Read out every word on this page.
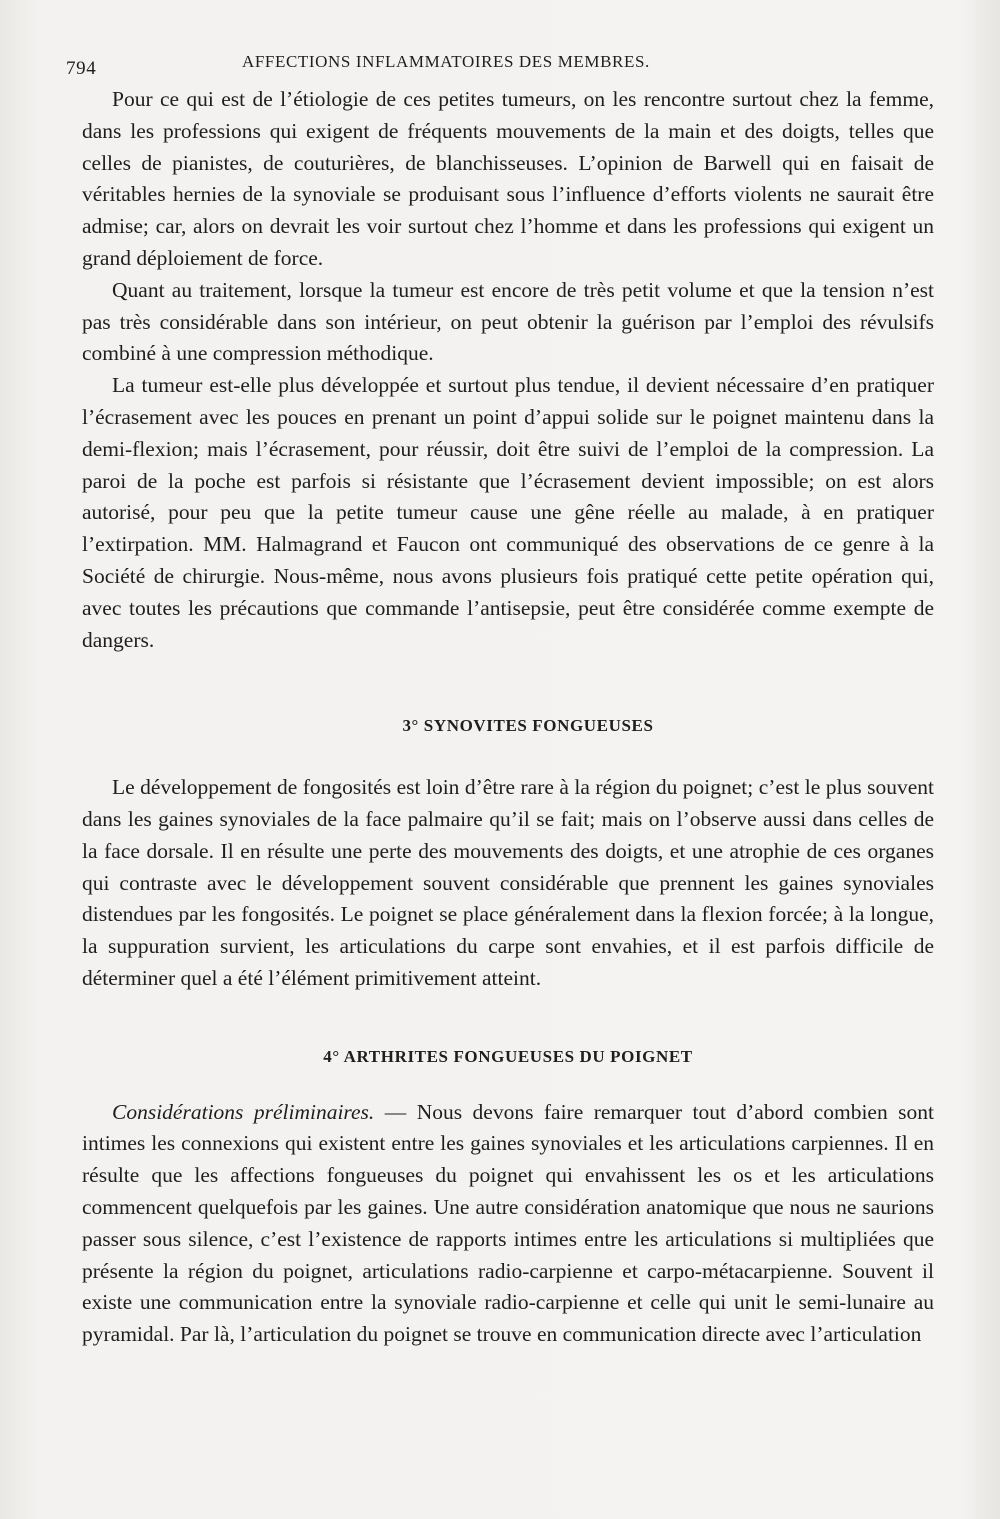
794	AFFECTIONS INFLAMMATOIRES DES MEMBRES.

Pour ce qui est de l’étiologie de ces petites tumeurs, on les rencontre surtout chez la femme, dans les professions qui exigent de fréquents mouvements de la main et des doigts, telles que celles de pianistes, de couturières, de blanchisseuses. L’opinion de Barwell qui en faisait de véritables hernies de la synoviale se produisant sous l’influence d’efforts violents ne saurait être admise; car, alors on devrait les voir surtout chez l’homme et dans les professions qui exigent un grand déploiement de force.

Quant au traitement, lorsque la tumeur est encore de très petit volume et que la tension n’est pas très considérable dans son intérieur, on peut obtenir la guérison par l’emploi des révulsifs combiné à une compression méthodique.

La tumeur est-elle plus développée et surtout plus tendue, il devient nécessaire d’en pratiquer l’écrasement avec les pouces en prenant un point d’appui solide sur le poignet maintenu dans la demi-flexion; mais l’écrasement, pour réussir, doit être suivi de l’emploi de la compression. La paroi de la poche est parfois si résistante que l’écrasement devient impossible; on est alors autorisé, pour peu que la petite tumeur cause une gêne réelle au malade, à en pratiquer l’extirpation. MM. Halmagrand et Faucon ont communiqué des observations de ce genre à la Société de chirurgie. Nous-même, nous avons plusieurs fois pratiqué cette petite opération qui, avec toutes les précautions que commande l’antisepsie, peut être considérée comme exempte de dangers.

3° SYNOVITES FONGUEUSES

Le développement de fongosités est loin d’être rare à la région du poignet; c’est le plus souvent dans les gaines synoviales de la face palmaire qu’il se fait; mais on l’observe aussi dans celles de la face dorsale. Il en résulte une perte des mouvements des doigts, et une atrophie de ces organes qui contraste avec le développement souvent considérable que prennent les gaines synoviales distendues par les fongosités. Le poignet se place généralement dans la flexion forcée; à la longue, la suppuration survient, les articulations du carpe sont envahies, et il est parfois difficile de déterminer quel a été l’élément primitivement atteint.

4° ARTHRITES FONGUEUSES DU POIGNET

Considérations préliminaires. — Nous devons faire remarquer tout d’abord combien sont intimes les connexions qui existent entre les gaines synoviales et les articulations carpiennes. Il en résulte que les affections fongueuses du poignet qui envahissent les os et les articulations commencent quelquefois par les gaines. Une autre considération anatomique que nous ne saurions passer sous silence, c’est l’existence de rapports intimes entre les articulations si multipliées que présente la région du poignet, articulations radio-carpienne et carpo-métacarpienne. Souvent il existe une communication entre la synoviale radio-carpienne et celle qui unit le semi-lunaire au pyramidal. Par là, l’articulation du poignet se trouve en communication directe avec l’articulation
